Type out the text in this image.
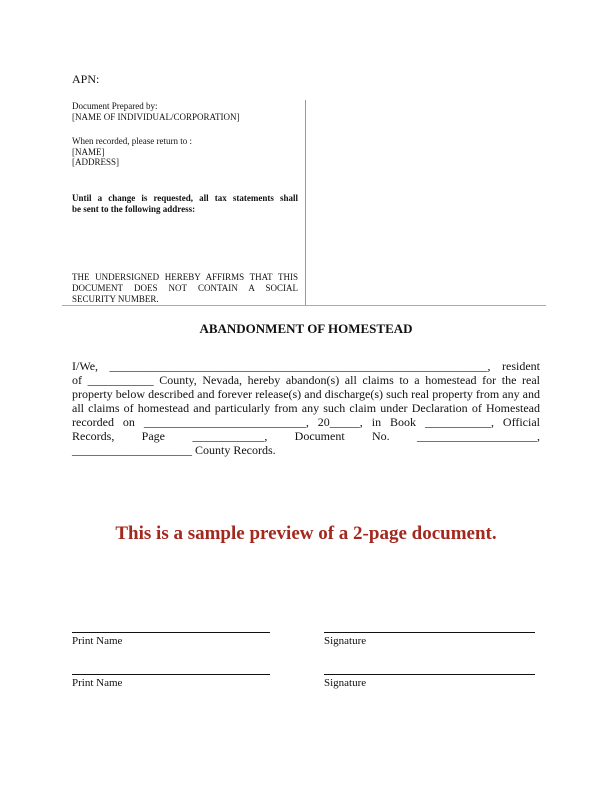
APN:
Document Prepared by:
[NAME OF INDIVIDUAL/CORPORATION]
When recorded, please return to :
[NAME]
[ADDRESS]
Until a change is requested, all tax statements shall
be sent to the following address:
THE UNDERSIGNED HEREBY AFFIRMS THAT THIS
DOCUMENT DOES NOT CONTAIN A SOCIAL
SECURITY NUMBER.
ABANDONMENT OF HOMESTEAD
I/We, _______________________________________________________________, resident
of ___________ County, Nevada, hereby abandon(s) all claims to a homestead for the real
property below described and forever release(s) and discharge(s) such real property from any and
all claims of homestead and particularly from any such claim under Declaration of Homestead
recorded on ___________________________, 20_____, in Book ___________, Official
Records, Page ____________, Document No. ____________________,
____________________ County Records.
This is a sample preview of a 2-page document.
Print Name	Signature
Print Name	Signature
